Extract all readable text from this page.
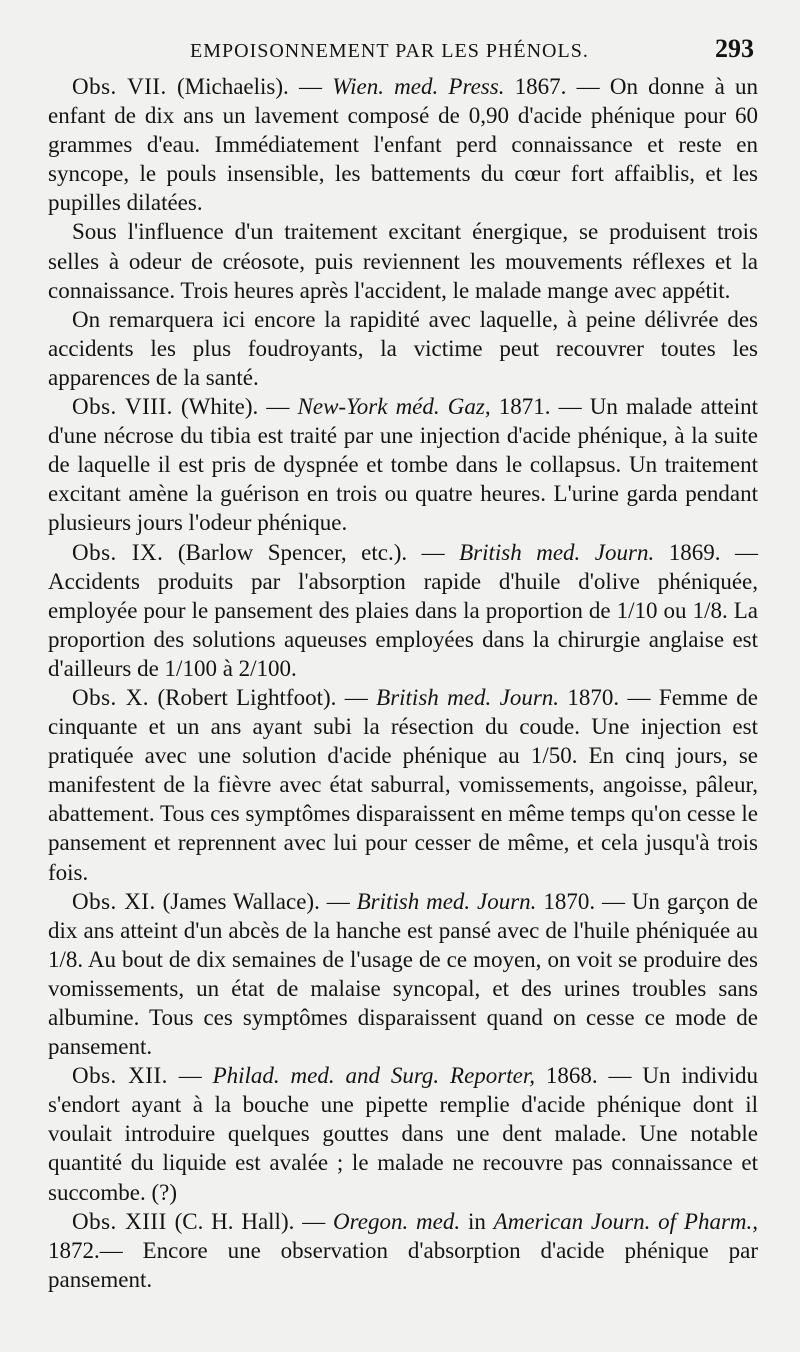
EMPOISONNEMENT PAR LES PHÉNOLS.	293

Obs. VII. (Michaelis). — Wien. med. Press. 1867. — On donne à un enfant de dix ans un lavement composé de 0,90 d'acide phénique pour 60 grammes d'eau. Immédiatement l'enfant perd connaissance et reste en syncope, le pouls insensible, les battements du cœur fort affaiblis, et les pupilles dilatées.

Sous l'influence d'un traitement excitant énergique, se produisent trois selles à odeur de créosote, puis reviennent les mouvements réflexes et la connaissance. Trois heures après l'accident, le malade mange avec appétit.

On remarquera ici encore la rapidité avec laquelle, à peine délivrée des accidents les plus foudroyants, la victime peut recouvrer toutes les apparences de la santé.

Obs. VIII. (White). — New-York méd. Gaz, 1871. — Un malade atteint d'une nécrose du tibia est traité par une injection d'acide phénique, à la suite de laquelle il est pris de dyspnée et tombe dans le collapsus. Un traitement excitant amène la guérison en trois ou quatre heures. L'urine garda pendant plusieurs jours l'odeur phénique.

Obs. IX. (Barlow Spencer, etc.). — British med. Journ. 1869. — Accidents produits par l'absorption rapide d'huile d'olive phéniquée, employée pour le pansement des plaies dans la proportion de 1/10 ou 1/8. La proportion des solutions aqueuses employées dans la chirurgie anglaise est d'ailleurs de 1/100 à 2/100.

Obs. X. (Robert Lightfoot). — British med. Journ. 1870. — Femme de cinquante et un ans ayant subi la résection du coude. Une injection est pratiquée avec une solution d'acide phénique au 1/50. En cinq jours, se manifestent de la fièvre avec état saburral, vomissements, angoisse, pâleur, abattement. Tous ces symptômes disparaissent en même temps qu'on cesse le pansement et reprennent avec lui pour cesser de même, et cela jusqu'à trois fois.

Obs. XI. (James Wallace). — British med. Journ. 1870. — Un garçon de dix ans atteint d'un abcès de la hanche est pansé avec de l'huile phéniquée au 1/8. Au bout de dix semaines de l'usage de ce moyen, on voit se produire des vomissements, un état de malaise syncopal, et des urines troubles sans albumine. Tous ces symptômes disparaissent quand on cesse ce mode de pansement.

Obs. XII. — Philad. med. and Surg. Reporter, 1868. — Un individu s'endort ayant à la bouche une pipette remplie d'acide phénique dont il voulait introduire quelques gouttes dans une dent malade. Une notable quantité du liquide est avalée ; le malade ne recouvre pas connaissance et succombe. (?)

Obs. XIII (C. H. Hall). — Oregon. med. in American Journ. of Pharm., 1872.— Encore une observation d'absorption d'acide phénique par pansement.
